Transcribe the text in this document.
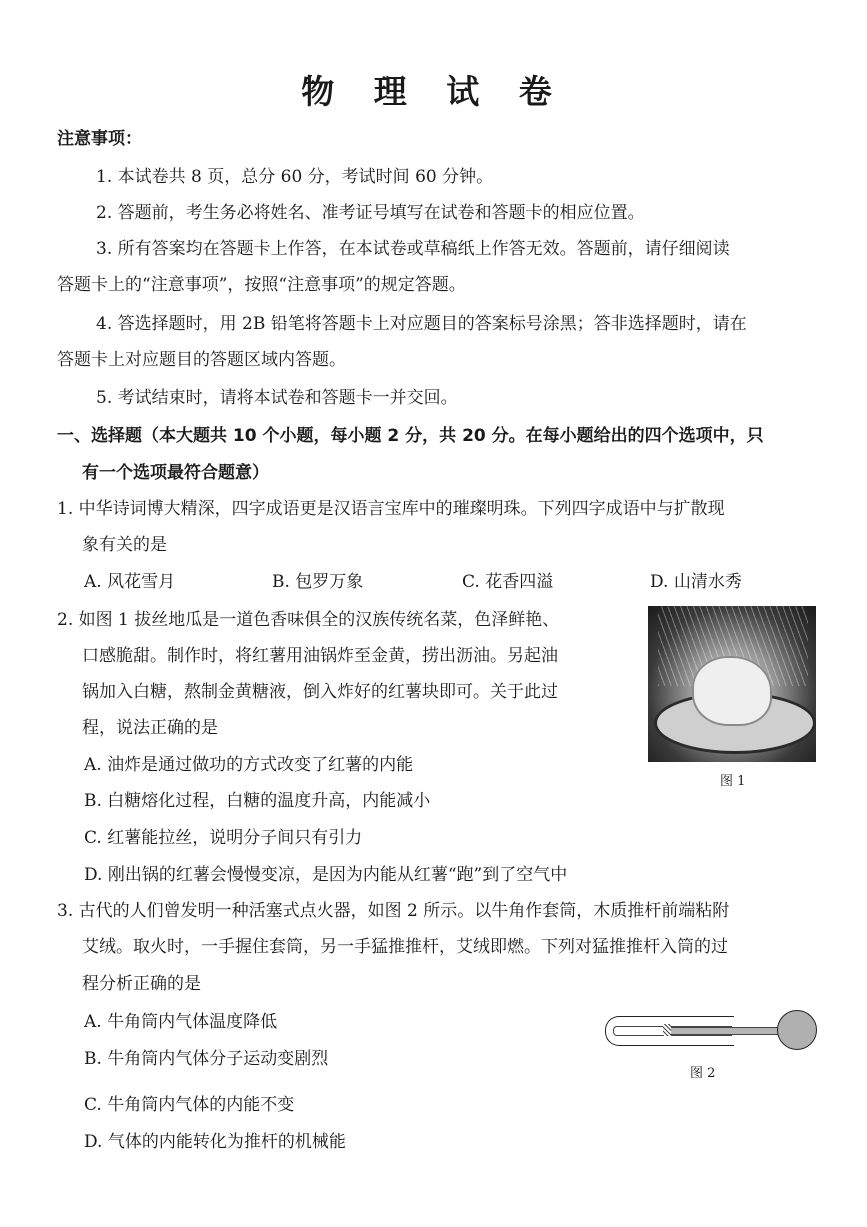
物 理 试 卷
注意事项：
1. 本试卷共 8 页，总分 60 分，考试时间 60 分钟。
2. 答题前，考生务必将姓名、准考证号填写在试卷和答题卡的相应位置。
3. 所有答案均在答题卡上作答，在本试卷或草稿纸上作答无效。答题前，请仔细阅读
答题卡上的“注意事项”，按照“注意事项”的规定答题。
4. 答选择题时，用 2B 铅笔将答题卡上对应题目的答案标号涂黑；答非选择题时，请在
答题卡上对应题目的答题区域内答题。
5. 考试结束时，请将本试卷和答题卡一并交回。
一、选择题（本大题共 10 个小题，每小题 2 分，共 20 分。在每小题给出的四个选项中，只
有一个选项最符合题意）
1. 中华诗词博大精深，四字成语更是汉语言宝库中的璀璨明珠。下列四字成语中与扩散现
象有关的是
A. 风花雪月	B. 包罗万象	C. 花香四溢	D. 山清水秀
2. 如图 1 拔丝地瓜是一道色香味俱全的汉族传统名菜，色泽鲜艳、
口感脆甜。制作时，将红薯用油锅炸至金黄，捞出沥油。另起油
锅加入白糖，熬制金黄糖液，倒入炸好的红薯块即可。关于此过
程，说法正确的是
A. 油炸是通过做功的方式改变了红薯的内能
B. 白糖熔化过程，白糖的温度升高，内能减小
C. 红薯能拉丝，说明分子间只有引力
D. 刚出锅的红薯会慢慢变凉，是因为内能从红薯“跑”到了空气中
图 1
3. 古代的人们曾发明一种活塞式点火器，如图 2 所示。以牛角作套筒，木质推杆前端粘附
艾绒。取火时，一手握住套筒，另一手猛推推杆，艾绒即燃。下列对猛推推杆入筒的过
程分析正确的是
A. 牛角筒内气体温度降低
B. 牛角筒内气体分子运动变剧烈
C. 牛角筒内气体的内能不变
D. 气体的内能转化为推杆的机械能
图 2
